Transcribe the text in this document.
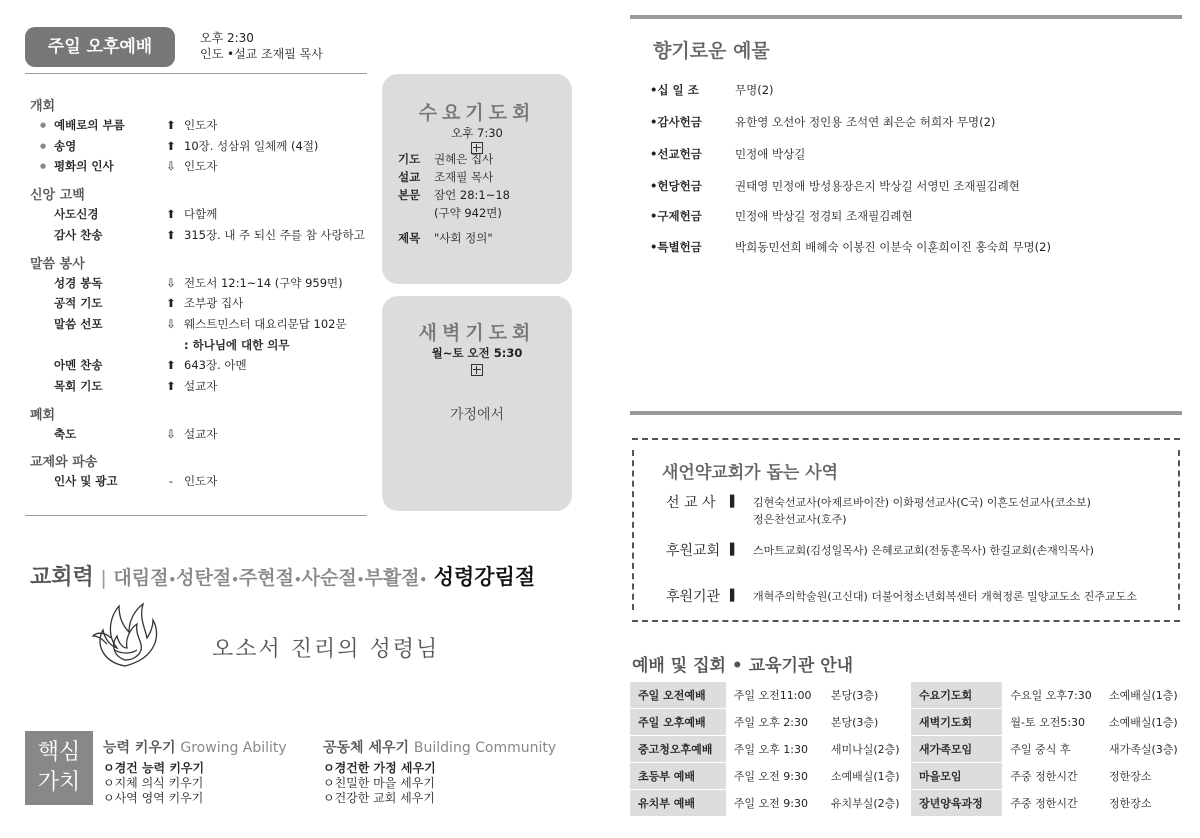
주일 오후예배	오후 2:30
인도 •설교 조재필 목사
개회
● 예배로의 부름	⬆ 인도자
● 송영	⬆ 10장. 성삼위 일체께 (4절)
● 평화의 인사	⇩ 인도자
신앙 고백
사도신경	⬆ 다함께
감사 찬송	⬆ 315장. 내 주 되신 주를 참 사랑하고
말씀 봉사
성경 봉독	⇩ 전도서 12:1~14 (구약 959면)
공적 기도	⬆ 조부광 집사
말씀 선포	⇩ 웨스트민스터 대요리문답 102문
: 하나님에 대한 의무
아멘 찬송	⬆ 643장. 아멘
목회 기도	⬆ 설교자
폐회
축도	⇩ 설교자
교제와 파송
인사 및 광고	- 인도자
수요기도회
오후 7:30
기도 권혜은 집사
설교 조재필 목사
본문 잠언 28:1~18
(구약 942면)
제목 "사회 정의"
새벽기도회
월~토 오전 5:30
가정에서
교회력 | 대림절•성탄절•주현절•사순절•부활절• 성령강림절
오소서 진리의 성령님
핵심
가치
능력 키우기 Growing Ability
ㅇ경건 능력 키우기
ㅇ지체 의식 키우기
ㅇ사역 영역 키우기
공동체 세우기 Building Community
ㅇ경건한 가정 세우기
ㅇ친밀한 마을 세우기
ㅇ건강한 교회 세우기
향기로운 예물
•십 일 조	무명(2)
•감사헌금	유한영 오선아 정인용 조석연 최은순 허희자 무명(2)
•선교헌금	민정애 박상길
•헌당헌금	권태영 민정애 방성용장은지 박상길 서영민 조재필김례현
•구제헌금	민정애 박상길 정경퇴 조재필김례현
•특별헌금	박희동민선희 배혜숙 이봉진 이분숙 이훈희이진 홍숙희 무명(2)
새언약교회가 돕는 사역
선 교 사 ▌ 김현숙선교사(아제르바이잔) 이화평선교사(C국) 이흔도선교사(코소보)
정은찬선교사(호주)
후원교회 ▌ 스마트교회(김성일목사) 은혜로교회(전동훈목사) 한길교회(손재익목사)
후원기관 ▌ 개혁주의학술원(고신대) 더불어청소년회복센터 개혁정론 밀양교도소 진주교도소
예배 및 집회 • 교육기관 안내
주일 오전예배	주일 오전11:00	본당(3층)	수요기도회	수요일 오후7:30	소예배실(1층)
주일 오후예배	주일 오후 2:30	본당(3층)	새벽기도회	월-토 오전5:30	소예배실(1층)
중고청오후예배	주일 오후 1:30	세미나실(2층)	새가족모임	주일 중식 후	새가족실(3층)
초등부 예배	주일 오전 9:30	소예배실(1층)	마을모임	주중 정한시간	정한장소
유치부 예배	주일 오전 9:30	유치부실(2층)	장년양육과정	주중 정한시간	정한장소
